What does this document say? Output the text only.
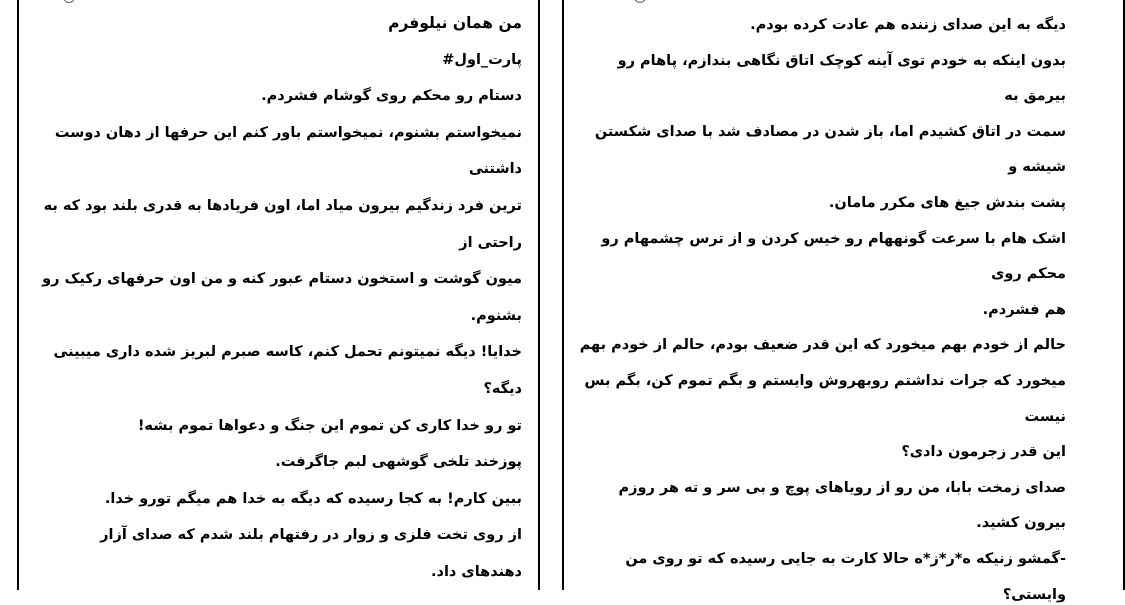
من همان نیلوفرم
پارت_اول#
دستام رو محکم روی گوشام فشردم.
نمیخواستم بشنوم، نمیخواستم باور کنم این حرفها از دهان دوست
داشتنی
ترین فرد زندگیم بیرون میاد اما، اون فریادها به قدری بلند بود که به
راحتی از
میون گوشت و استخون دستام عبور کنه و من اون حرفهای رکیک رو
بشنوم.
خدایا! دیگه نمیتونم تحمل کنم، کاسه صبرم لبریز شده داری میبینی
دیگه؟
تو رو خدا کاری کن تموم این جنگ و دعواها تموم بشه!
پوزخند تلخی گوشهی لبم جاگرفت.
ببین کارم! به کجا رسیده که دیگه به خدا هم میگم تورو خدا.
از روی تخت فلزی و زوار در رفتهام بلند شدم که صدای آزار
دهندهای داد.
دیگه به این صدای زننده هم عادت کرده بودم.
بدون اینکه به خودم توی آینه کوچک اتاق نگاهی بندازم، پاهام رو
بیرمق به
سمت در اتاق کشیدم اما، باز شدن در مصادف شد با صدای شکستن
شیشه و
پشت بندش جیغ های مکرر مامان.
اشک هام با سرعت گونههام رو خیس کردن و از ترس چشمهام رو
محکم روی
هم فشردم.
حالم از خودم بهم میخورد که این قدر ضعیف بودم، حالم از خودم بهم
میخورد که جرات نداشتم روبهروش وایستم و بگم تموم کن، بگم بس
نیست
این قدر زجرمون دادی؟
صدای زمخت بابا، من رو از رویاهای پوچ و بی سر و ته هر روزم
بیرون کشید.
-گمشو زنیکه ه*ر*ز*ه حالا کارت به جایی رسیده که تو روی من
وایستی؟
